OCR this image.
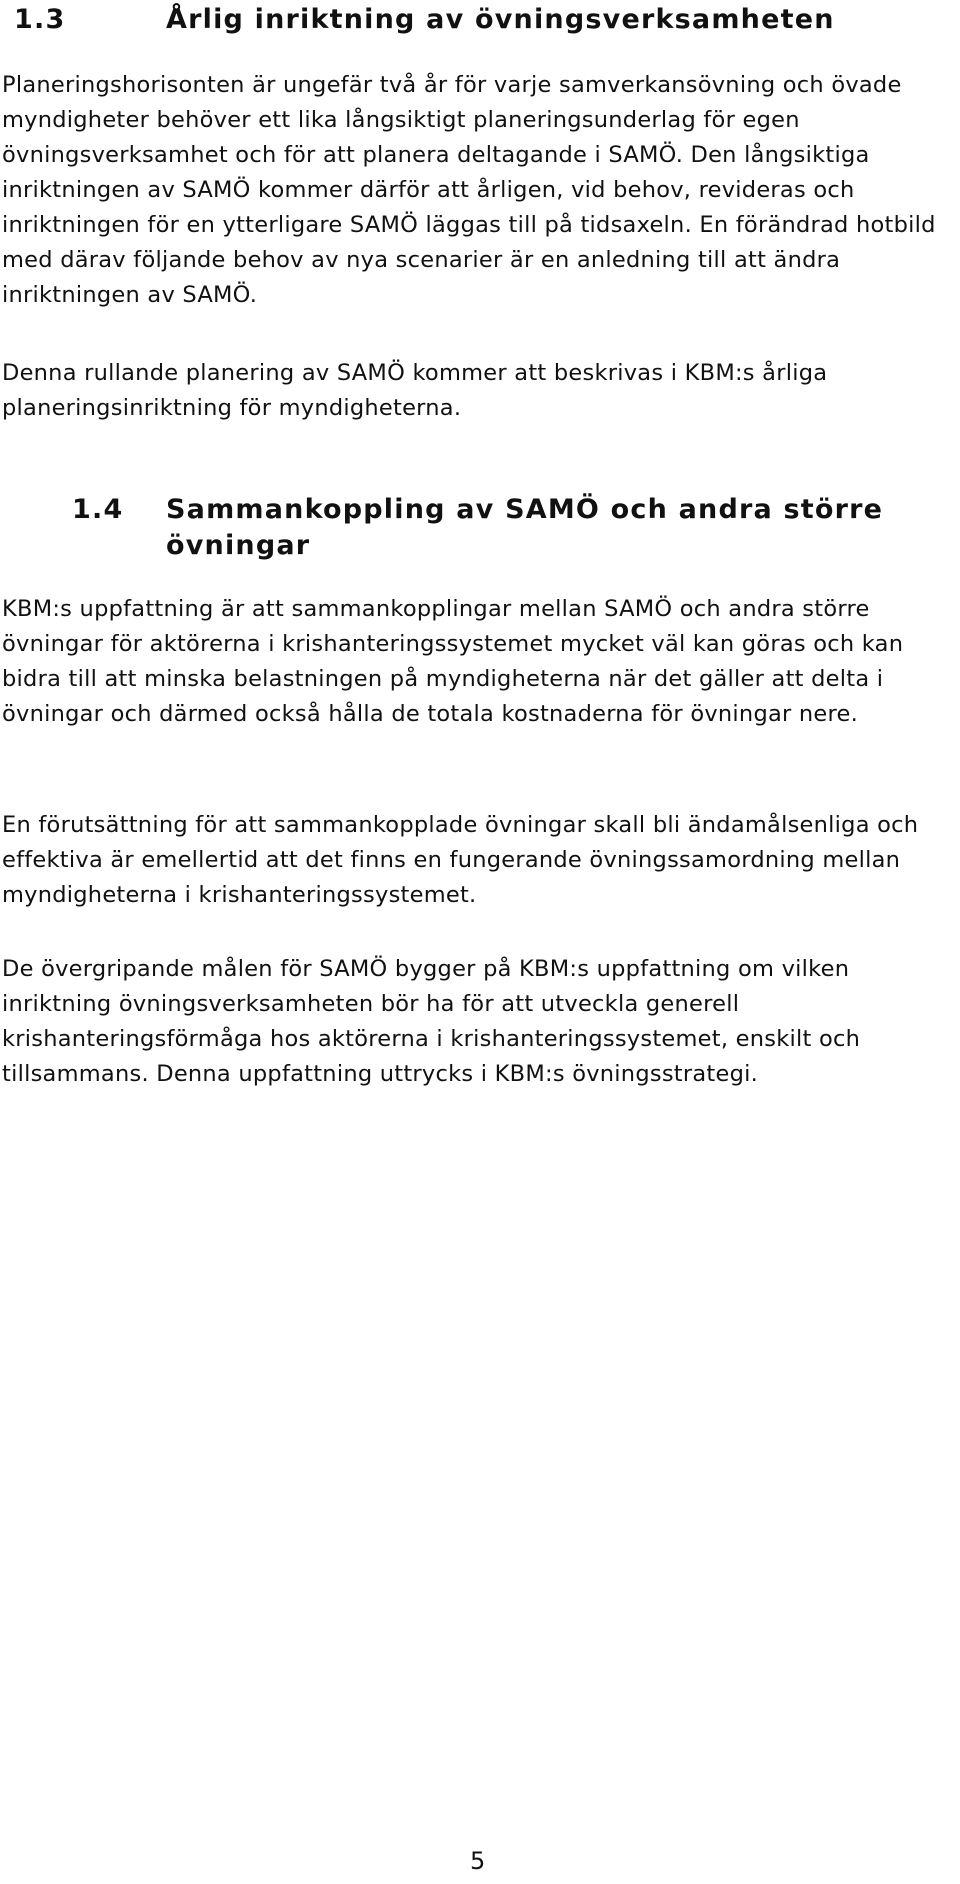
1.3	Årlig inriktning av övningsverksamheten

Planeringshorisonten är ungefär två år för varje samverkansövning och övade myndigheter behöver ett lika långsiktigt planeringsunderlag för egen övningsverksamhet och för att planera deltagande i SAMÖ. Den långsiktiga inriktningen av SAMÖ kommer därför att årligen, vid behov, revideras och inriktningen för en ytterligare SAMÖ läggas till på tidsaxeln. En förändrad hotbild med därav följande behov av nya scenarier är en anledning till att ändra inriktningen av SAMÖ.

Denna rullande planering av SAMÖ kommer att beskrivas i KBM:s årliga planeringsinriktning för myndigheterna.

1.4 Sammankoppling av SAMÖ och andra större övningar

KBM:s uppfattning är att sammankopplingar mellan SAMÖ och andra större övningar för aktörerna i krishanteringssystemet mycket väl kan göras och kan bidra till att minska belastningen på myndigheterna när det gäller att delta i övningar och därmed också hålla de totala kostnaderna för övningar nere.

En förutsättning för att sammankopplade övningar skall bli ändamålsenliga och effektiva är emellertid att det finns en fungerande övningssamordning mellan myndigheterna i krishanteringssystemet.

De övergripande målen för SAMÖ bygger på KBM:s uppfattning om vilken inriktning övningsverksamheten bör ha för att utveckla generell krishanteringsförmåga hos aktörerna i krishanteringssystemet, enskilt och tillsammans. Denna uppfattning uttrycks i KBM:s övningsstrategi.

5
